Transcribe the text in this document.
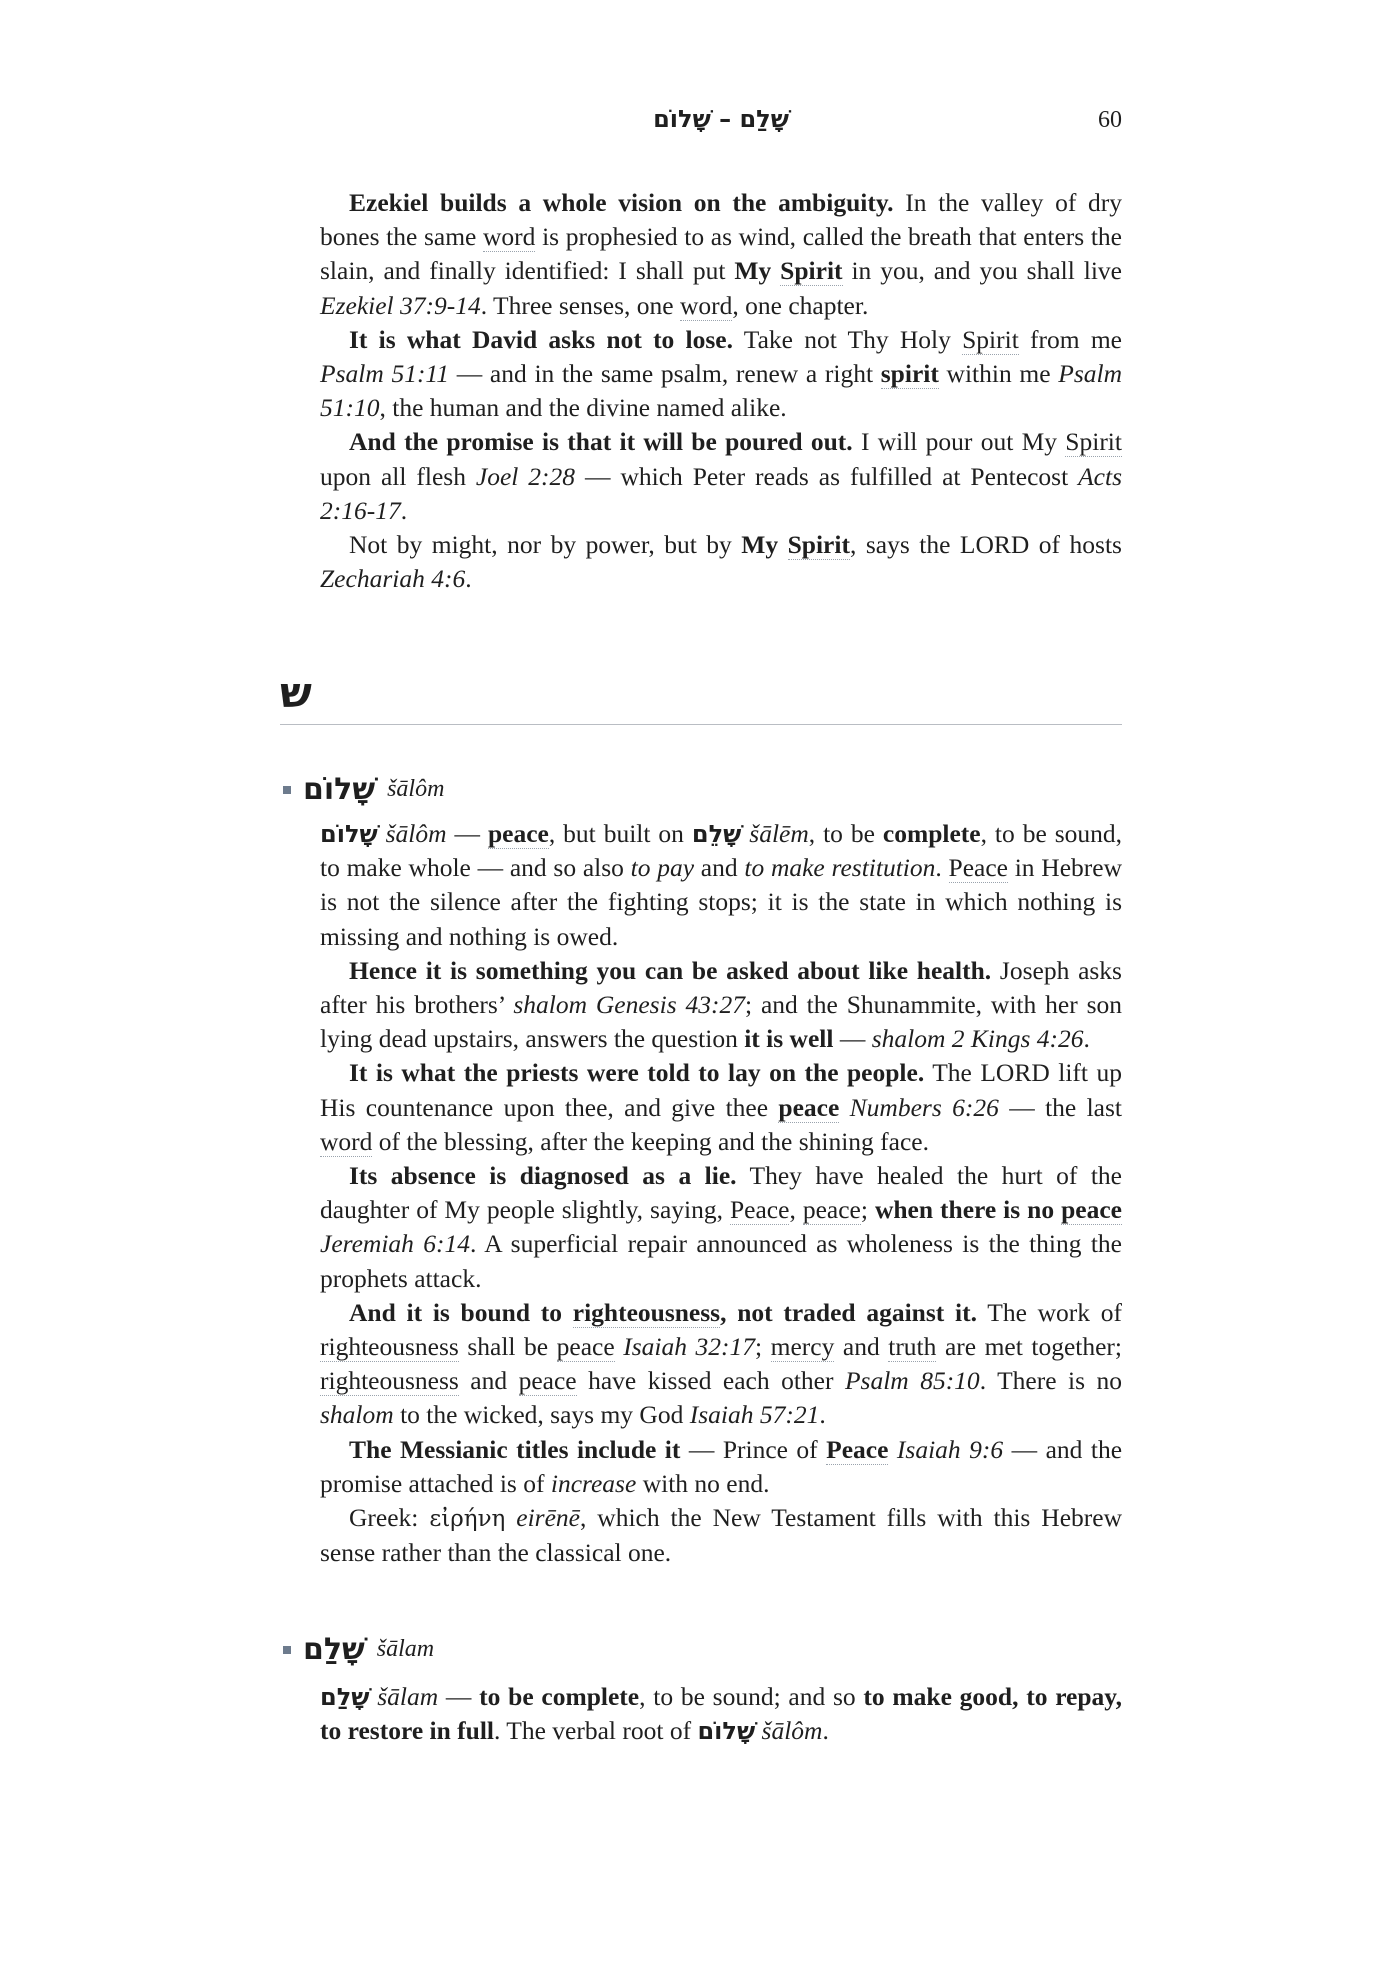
שָׁלַם – שָׁלוֹם	60

Ezekiel builds a whole vision on the ambiguity. In the valley of dry bones the same word is prophesied to as wind, called the breath that enters the slain, and finally identified: I shall put My Spirit in you, and you shall live Ezekiel 37:9-14. Three senses, one word, one chapter.

It is what David asks not to lose. Take not Thy Holy Spirit from me Psalm 51:11 — and in the same psalm, renew a right spirit within me Psalm 51:10, the human and the divine named alike.

And the promise is that it will be poured out. I will pour out My Spirit upon all flesh Joel 2:28 — which Peter reads as fulfilled at Pentecost Acts 2:16-17.

Not by might, nor by power, but by My Spirit, says the LORD of hosts Zechariah 4:6.

ש
שָׁלוֹם šālôm

שָׁלוֹם šālôm — peace, but built on שָׁלֵם šālēm, to be complete, to be sound, to make whole — and so also to pay and to make restitution. Peace in Hebrew is not the silence after the fighting stops; it is the state in which nothing is missing and nothing is owed.

Hence it is something you can be asked about like health. Joseph asks after his brothers’ shalom Genesis 43:27; and the Shunammite, with her son lying dead upstairs, answers the question it is well — shalom 2 Kings 4:26.

It is what the priests were told to lay on the people. The LORD lift up His countenance upon thee, and give thee peace Numbers 6:26 — the last word of the blessing, after the keeping and the shining face.

Its absence is diagnosed as a lie. They have healed the hurt of the daughter of My people slightly, saying, Peace, peace; when there is no peace Jeremiah 6:14. A superficial repair announced as wholeness is the thing the prophets attack.

And it is bound to righteousness, not traded against it. The work of righteousness shall be peace Isaiah 32:17; mercy and truth are met together; righteousness and peace have kissed each other Psalm 85:10. There is no shalom to the wicked, says my God Isaiah 57:21.

The Messianic titles include it — Prince of Peace Isaiah 9:6 — and the promise attached is of increase with no end.

Greek: εἰρήνη eirēnē, which the New Testament fills with this Hebrew sense rather than the classical one.

שָׁלַם šālam

שָׁלַם šālam — to be complete, to be sound; and so to make good, to repay, to restore in full. The verbal root of שָׁלוֹם šālôm.
